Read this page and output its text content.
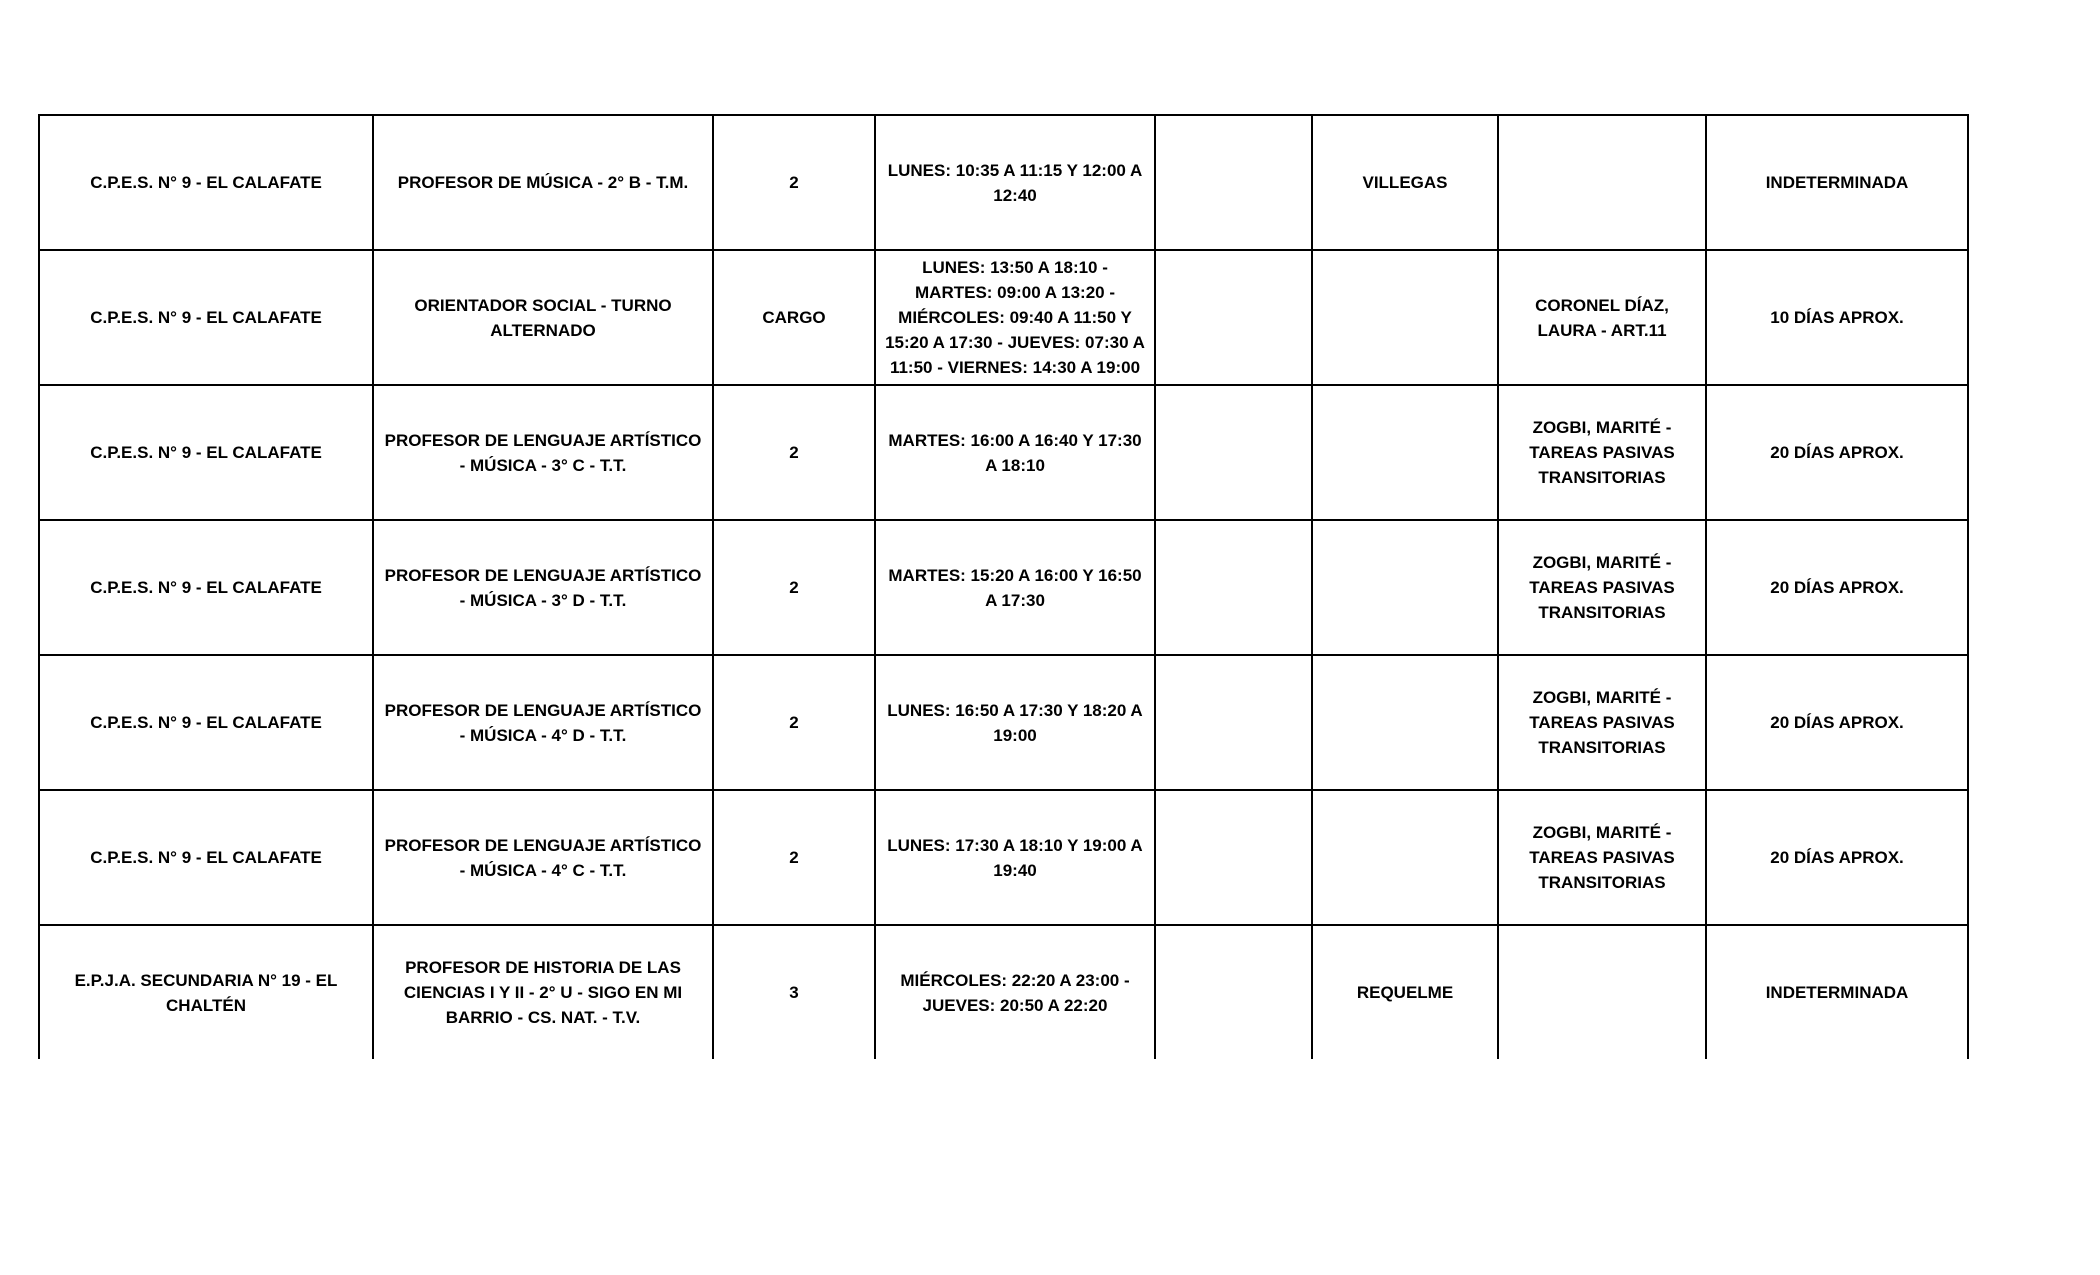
C.P.E.S. N° 9 - EL CALAFATE	PROFESOR DE MÚSICA - 2° B - T.M.	2	LUNES: 10:35 A 11:15 Y 12:00 A 12:40		VILLEGAS		INDETERMINADA
C.P.E.S. N° 9 - EL CALAFATE	ORIENTADOR SOCIAL - TURNO ALTERNADO	CARGO	LUNES: 13:50 A 18:10 - MARTES: 09:00 A 13:20 - MIÉRCOLES: 09:40 A 11:50 Y 15:20 A 17:30 - JUEVES: 07:30 A 11:50 - VIERNES: 14:30 A 19:00			CORONEL DÍAZ, LAURA - ART.11	10 DÍAS APROX.
C.P.E.S. N° 9 - EL CALAFATE	PROFESOR DE LENGUAJE ARTÍSTICO - MÚSICA - 3° C - T.T.	2	MARTES: 16:00 A 16:40 Y 17:30 A 18:10			ZOGBI, MARITÉ - TAREAS PASIVAS TRANSITORIAS	20 DÍAS APROX.
C.P.E.S. N° 9 - EL CALAFATE	PROFESOR DE LENGUAJE ARTÍSTICO - MÚSICA - 3° D - T.T.	2	MARTES: 15:20 A 16:00 Y 16:50 A 17:30			ZOGBI, MARITÉ - TAREAS PASIVAS TRANSITORIAS	20 DÍAS APROX.
C.P.E.S. N° 9 - EL CALAFATE	PROFESOR DE LENGUAJE ARTÍSTICO - MÚSICA - 4° D - T.T.	2	LUNES: 16:50 A 17:30 Y 18:20 A 19:00			ZOGBI, MARITÉ - TAREAS PASIVAS TRANSITORIAS	20 DÍAS APROX.
C.P.E.S. N° 9 - EL CALAFATE	PROFESOR DE LENGUAJE ARTÍSTICO - MÚSICA - 4° C - T.T.	2	LUNES: 17:30 A 18:10 Y 19:00 A 19:40			ZOGBI, MARITÉ - TAREAS PASIVAS TRANSITORIAS	20 DÍAS APROX.
E.P.J.A. SECUNDARIA N° 19 - EL CHALTÉN	PROFESOR DE HISTORIA DE LAS CIENCIAS I Y II - 2° U - SIGO EN MI BARRIO - CS. NAT. - T.V.	3	MIÉRCOLES: 22:20 A 23:00 - JUEVES: 20:50 A 22:20		REQUELME		INDETERMINADA
